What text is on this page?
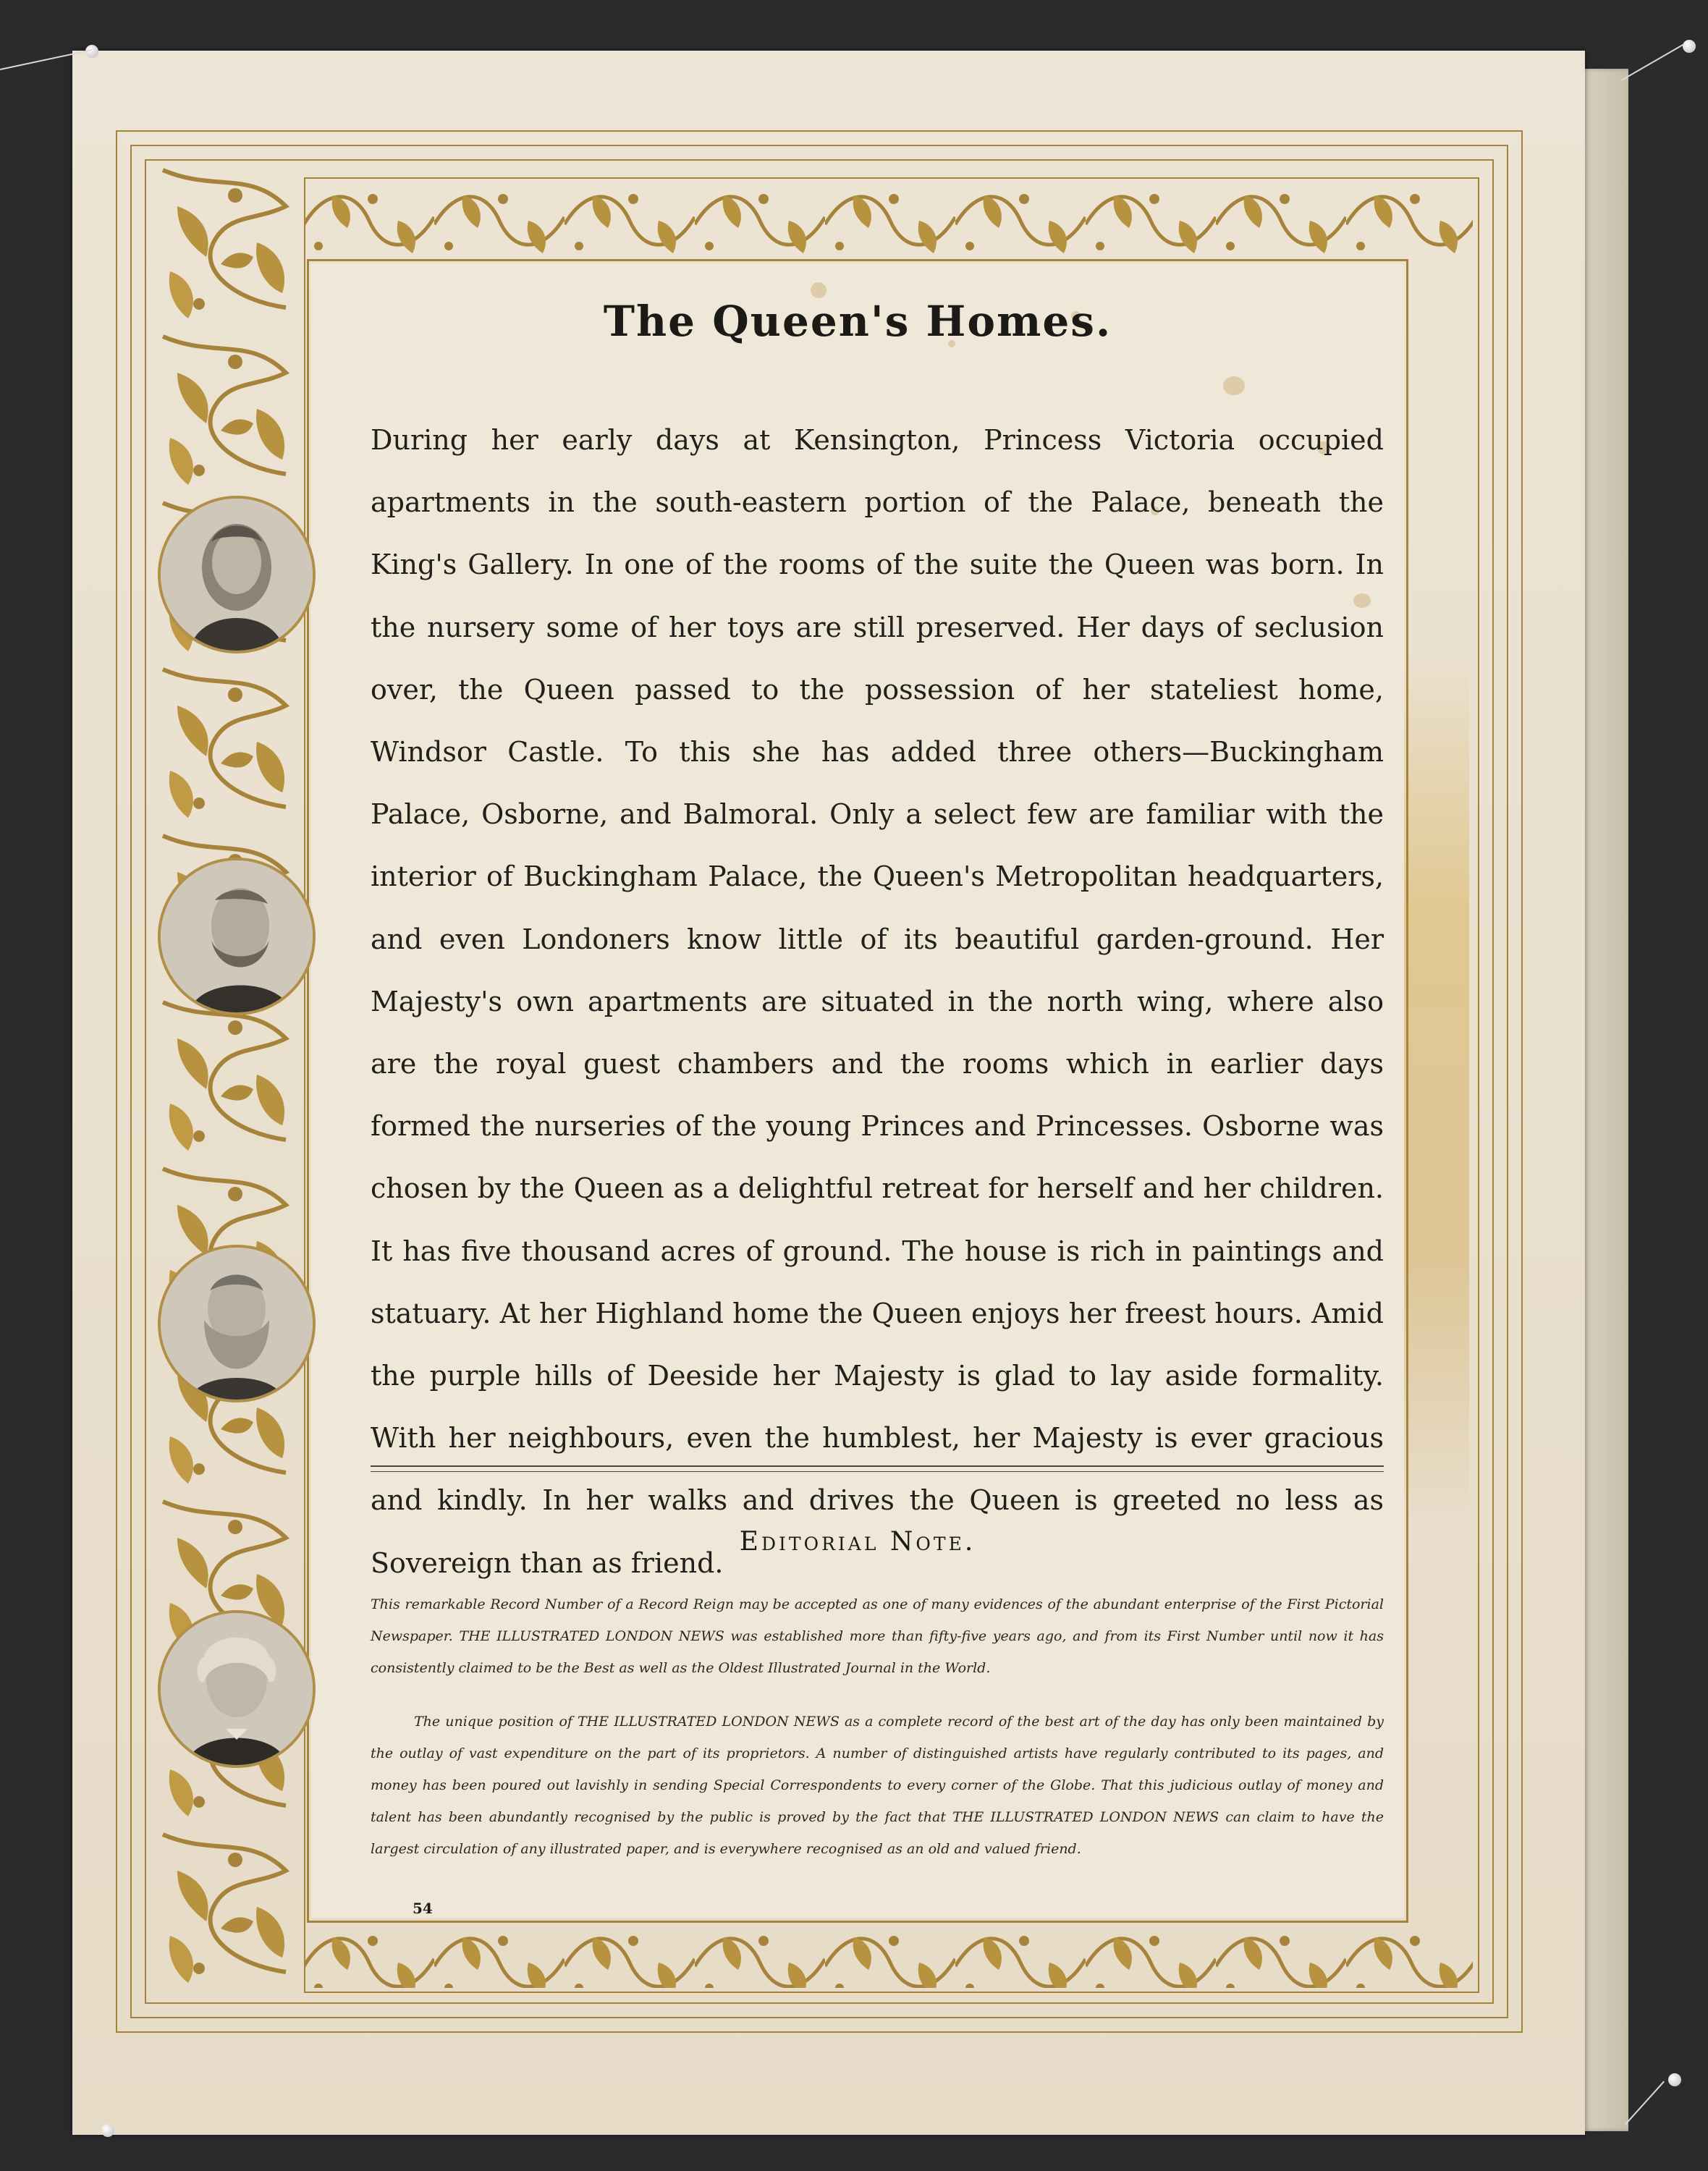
The Queen's Homes.

During her early days at Kensington, Princess Victoria occupied apartments in the south-eastern portion of the Palace, beneath the King's Gallery. In one of the rooms of the suite the Queen was born. In the nursery some of her toys are still preserved. Her days of seclusion over, the Queen passed to the possession of her stateliest home, Windsor Castle. To this she has added three others—Buckingham Palace, Osborne, and Balmoral. Only a select few are familiar with the interior of Buckingham Palace, the Queen's Metropolitan headquarters, and even Londoners know little of its beautiful garden-ground. Her Majesty's own apartments are situated in the north wing, where also are the royal guest chambers and the rooms which in earlier days formed the nurseries of the young Princes and Princesses. Osborne was chosen by the Queen as a delightful retreat for herself and her children. It has five thousand acres of ground. The house is rich in paintings and statuary. At her Highland home the Queen enjoys her freest hours. Amid the purple hills of Deeside her Majesty is glad to lay aside formality. With her neighbours, even the humblest, her Majesty is ever gracious and kindly. In her walks and drives the Queen is greeted no less as Sovereign than as friend.

Editorial Note.

This remarkable Record Number of a Record Reign may be accepted as one of many evidences of the abundant enterprise of the First Pictorial Newspaper. THE ILLUSTRATED LONDON NEWS was established more than fifty-five years ago, and from its First Number until now it has consistently claimed to be the Best as well as the Oldest Illustrated Journal in the World.

The unique position of THE ILLUSTRATED LONDON NEWS as a complete record of the best art of the day has only been maintained by the outlay of vast expenditure on the part of its proprietors. A number of distinguished artists have regularly contributed to its pages, and money has been poured out lavishly in sending Special Correspondents to every corner of the Globe. That this judicious outlay of money and talent has been abundantly recognised by the public is proved by the fact that THE ILLUSTRATED LONDON NEWS can claim to have the largest circulation of any illustrated paper, and is everywhere recognised as an old and valued friend.

54
